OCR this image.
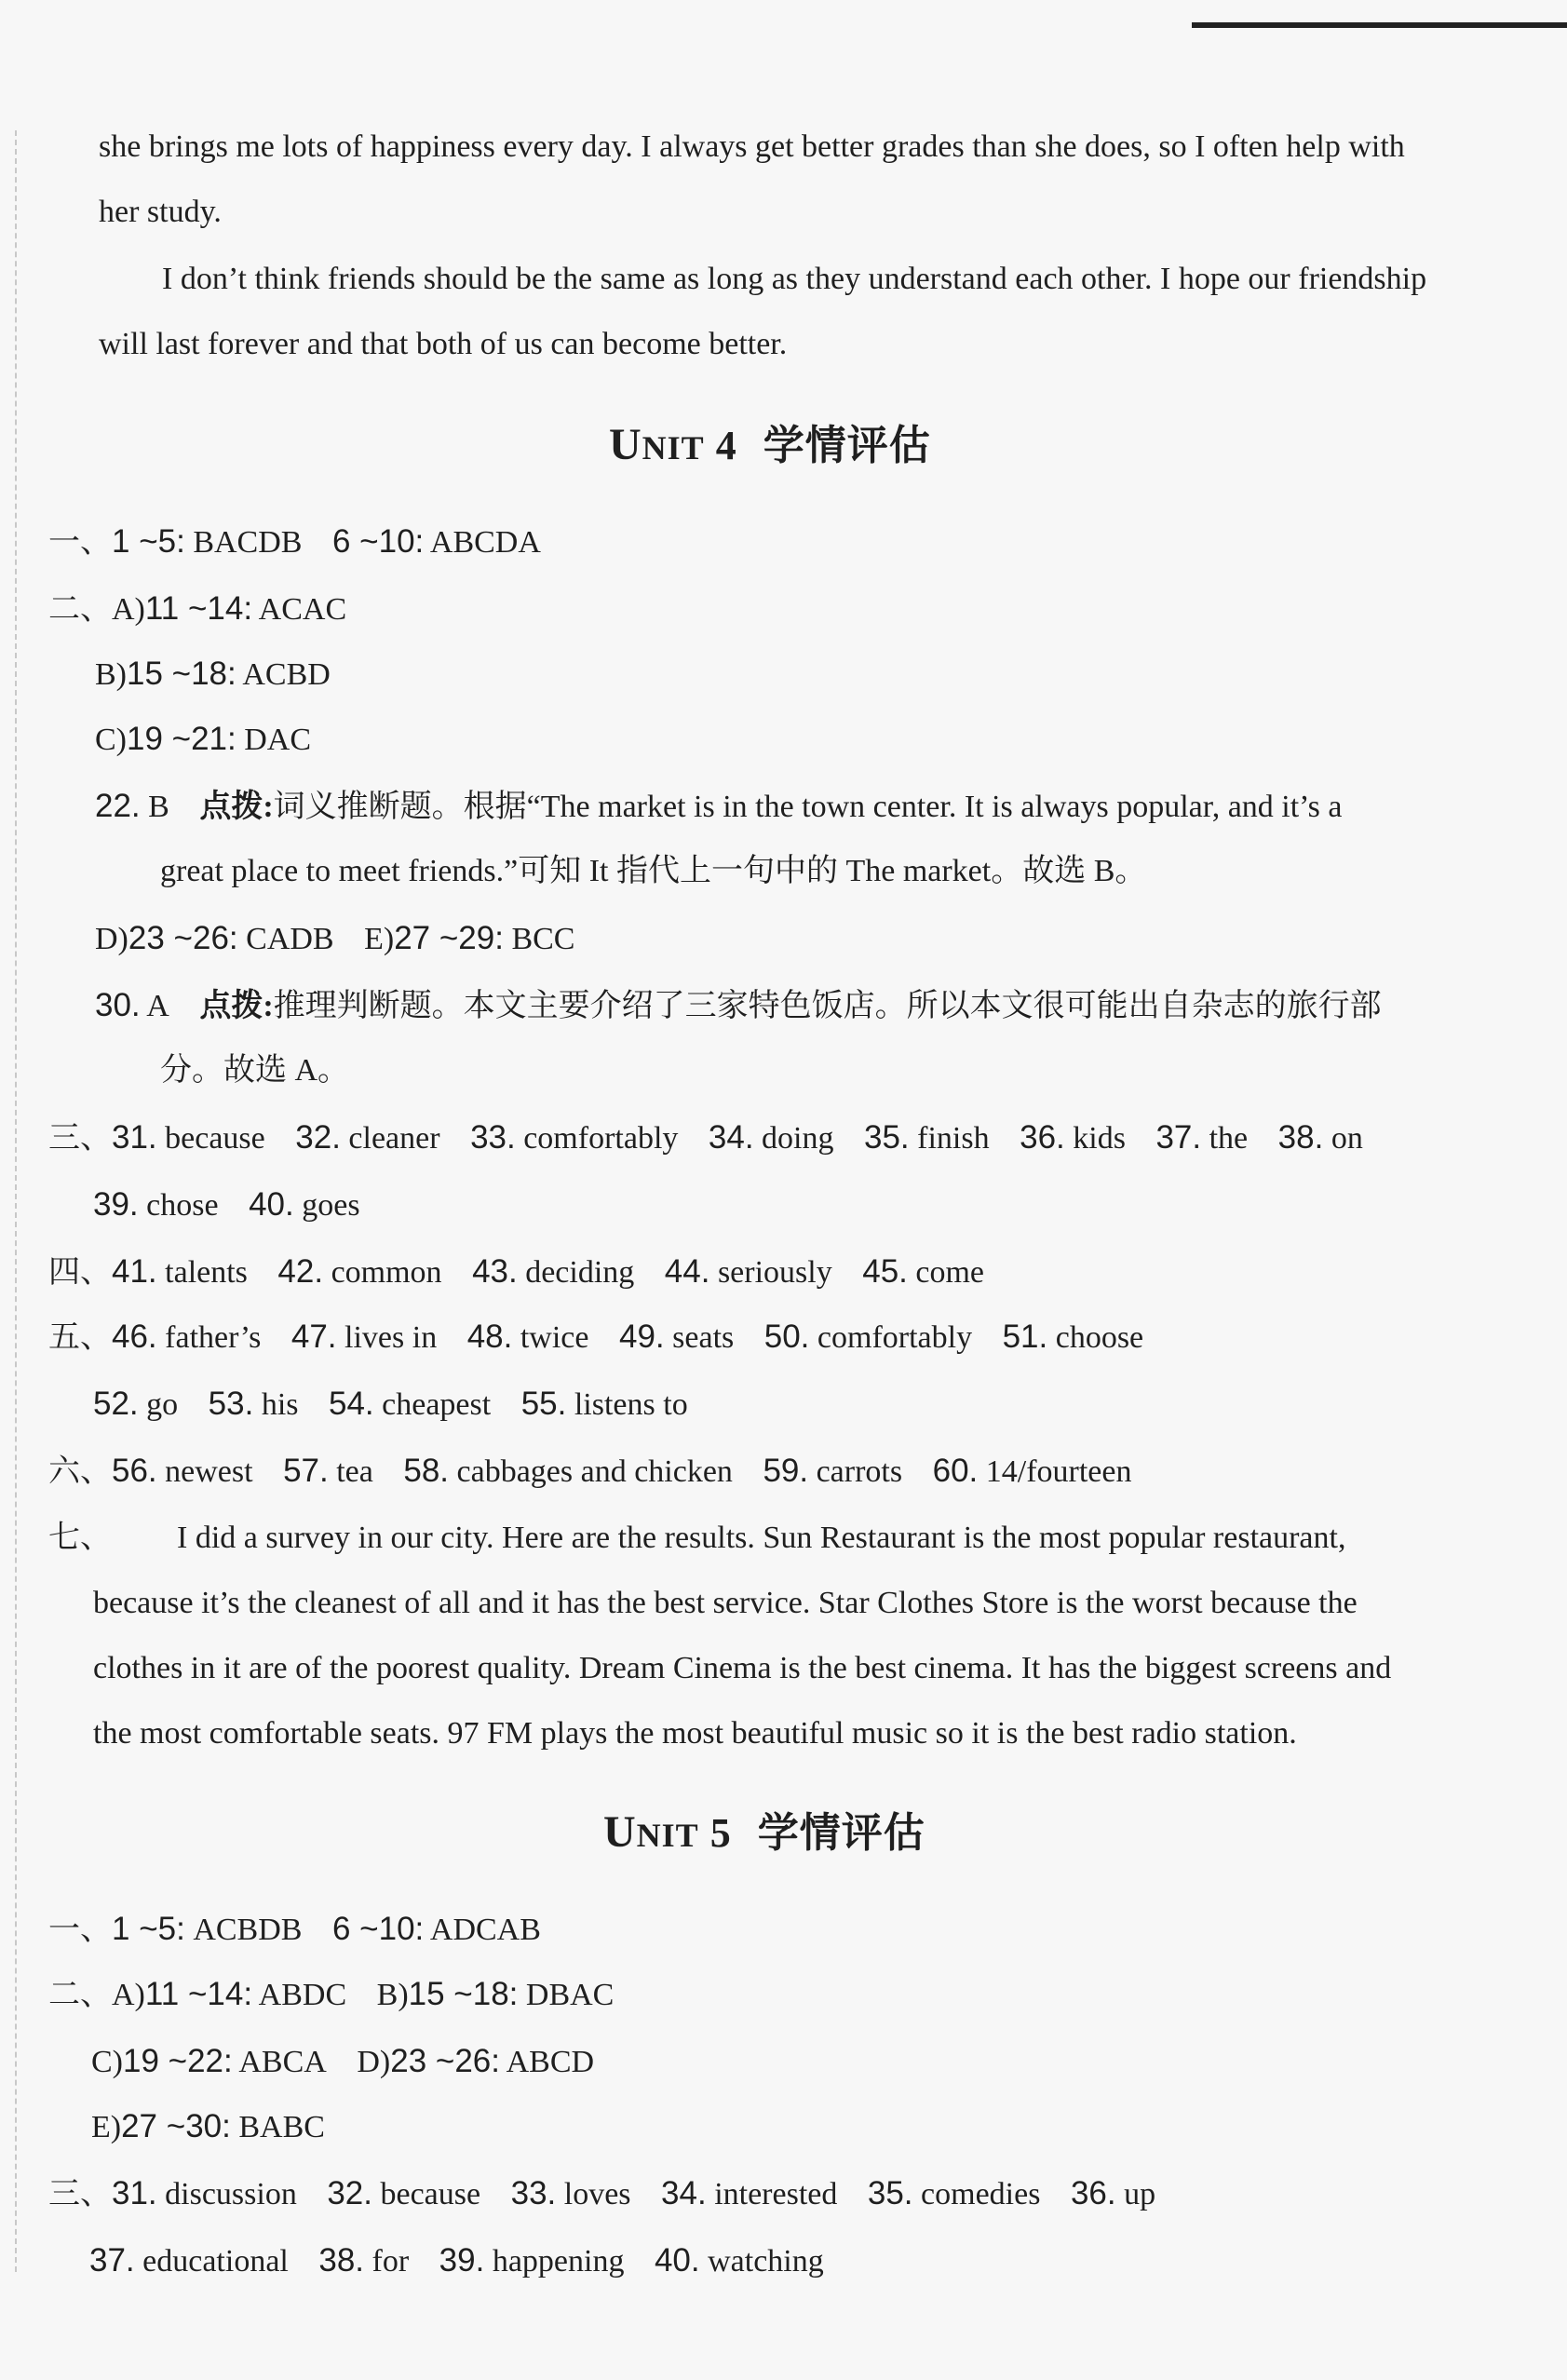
she brings me lots of happiness every day. I always get better grades than she does, so I often help with
her study.
I don’t think friends should be the same as long as they understand each other. I hope our friendship
will last forever and that both of us can become better.
UNIT 4 学情评估
一、1 ~5: BACDB 6 ~10: ABCDA
二、A)11 ~14: ACAC
B)15 ~18: ACBD
C)19 ~21: DAC
22. B 点拨:词义推断题。根据“The market is in the town center. It is always popular, and it’s a
great place to meet friends.”可知 It 指代上一句中的 The market。故选 B。
D)23 ~26: CADB E)27 ~29: BCC
30. A 点拨:推理判断题。本文主要介绍了三家特色饭店。所以本文很可能出自杂志的旅行部
分。故选 A。
三、31. because 32. cleaner 33. comfortably 34. doing 35. finish 36. kids 37. the 38. on
39. chose 40. goes
四、41. talents 42. common 43. deciding 44. seriously 45. come
五、46. father’s 47. lives in 48. twice 49. seats 50. comfortably 51. choose
52. go 53. his 54. cheapest 55. listens to
六、56. newest 57. tea 58. cabbages and chicken 59. carrots 60. 14/fourteen
七、 I did a survey in our city. Here are the results. Sun Restaurant is the most popular restaurant,
because it’s the cleanest of all and it has the best service. Star Clothes Store is the worst because the
clothes in it are of the poorest quality. Dream Cinema is the best cinema. It has the biggest screens and
the most comfortable seats. 97 FM plays the most beautiful music so it is the best radio station.
UNIT 5 学情评估
一、1 ~5: ACBDB 6 ~10: ADCAB
二、A)11 ~14: ABDC B)15 ~18: DBAC
C)19 ~22: ABCA D)23 ~26: ABCD
E)27 ~30: BABC
三、31. discussion 32. because 33. loves 34. interested 35. comedies 36. up
37. educational 38. for 39. happening 40. watching
